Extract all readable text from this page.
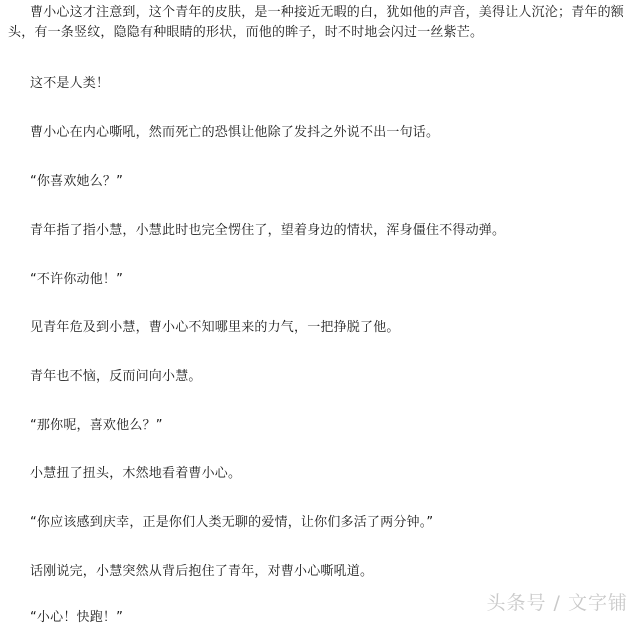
曹小心这才注意到，这个青年的皮肤，是一种接近无暇的白，犹如他的声音，美得让人沉沦；青年的额头，有一条竖纹，隐隐有种眼睛的形状，而他的眸子，时不时地会闪过一丝紫芒。

这不是人类！

曹小心在内心嘶吼，然而死亡的恐惧让他除了发抖之外说不出一句话。

“你喜欢她么？”

青年指了指小慧，小慧此时也完全愣住了，望着身边的情状，浑身僵住不得动弹。

“不许你动他！”

见青年危及到小慧，曹小心不知哪里来的力气，一把挣脱了他。

青年也不恼，反而问向小慧。

“那你呢，喜欢他么？”

小慧扭了扭头，木然地看着曹小心。

“你应该感到庆幸，正是你们人类无聊的爱情，让你们多活了两分钟。”

话刚说完，小慧突然从背后抱住了青年，对曹小心嘶吼道。

“小心！快跑！”

头条号 / 文字铺
